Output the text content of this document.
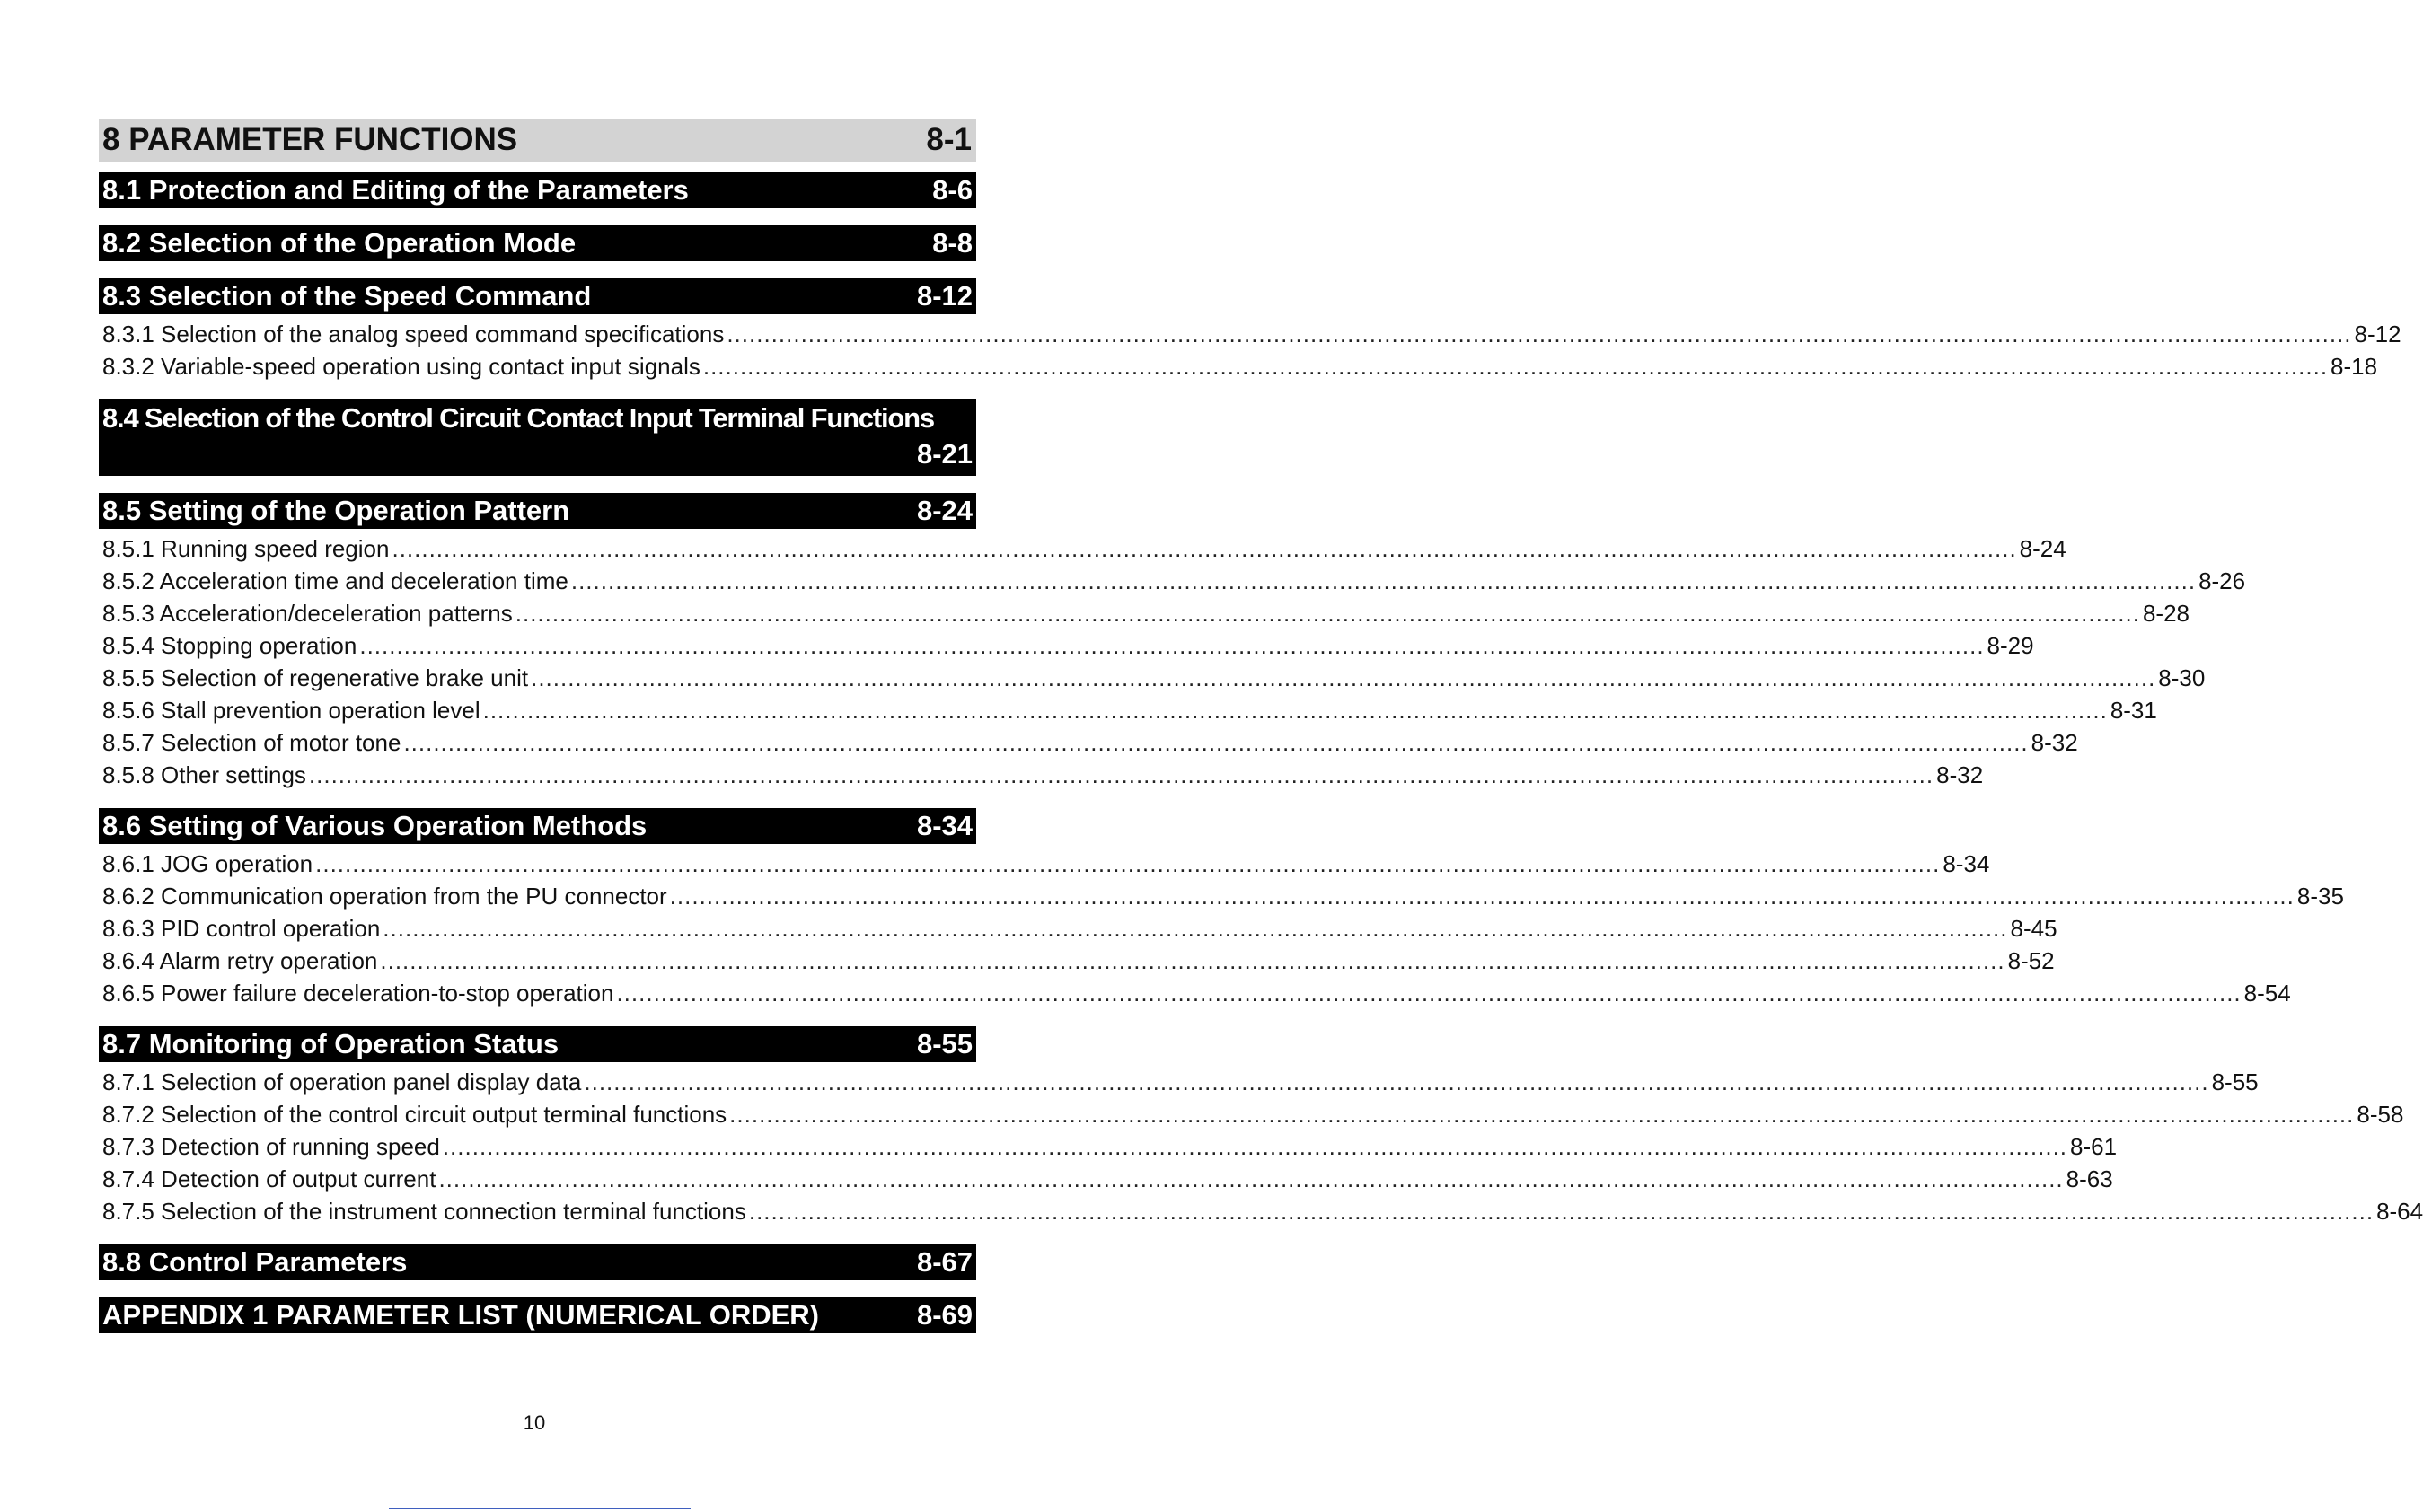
8 PARAMETER FUNCTIONS	8-1
8.1 Protection and Editing of the Parameters	8-6
8.2 Selection of the Operation Mode	8-8
8.3 Selection of the Speed Command	8-12
8.3.1 Selection of the analog speed command specifications ............................................................................................................................................................................................................................ 8-12
8.3.2 Variable-speed operation using contact input signals ............................................................................................................................................................................................................................ 8-18
8.4 Selection of the Control Circuit Contact Input Terminal Functions
8-21
8.5 Setting of the Operation Pattern	8-24
8.5.1 Running speed region ............................................................................................................................................................................................................................ 8-24
8.5.2 Acceleration time and deceleration time ............................................................................................................................................................................................................................ 8-26
8.5.3 Acceleration/deceleration patterns ............................................................................................................................................................................................................................ 8-28
8.5.4 Stopping operation ............................................................................................................................................................................................................................ 8-29
8.5.5 Selection of regenerative brake unit ............................................................................................................................................................................................................................ 8-30
8.5.6 Stall prevention operation level ............................................................................................................................................................................................................................ 8-31
8.5.7 Selection of motor tone ............................................................................................................................................................................................................................ 8-32
8.5.8 Other settings ............................................................................................................................................................................................................................ 8-32
8.6 Setting of Various Operation Methods	8-34
8.6.1 JOG operation ............................................................................................................................................................................................................................ 8-34
8.6.2 Communication operation from the PU connector ............................................................................................................................................................................................................................ 8-35
8.6.3 PID control operation ............................................................................................................................................................................................................................ 8-45
8.6.4 Alarm retry operation ............................................................................................................................................................................................................................ 8-52
8.6.5 Power failure deceleration-to-stop operation ............................................................................................................................................................................................................................ 8-54
8.7 Monitoring of Operation Status	8-55
8.7.1 Selection of operation panel display data ............................................................................................................................................................................................................................ 8-55
8.7.2 Selection of the control circuit output terminal functions ............................................................................................................................................................................................................................ 8-58
8.7.3 Detection of running speed ............................................................................................................................................................................................................................ 8-61
8.7.4 Detection of output current ............................................................................................................................................................................................................................ 8-63
8.7.5 Selection of the instrument connection terminal functions ............................................................................................................................................................................................................................ 8-64
8.8 Control Parameters	8-67
APPENDIX 1 PARAMETER LIST (NUMERICAL ORDER)	8-69
10
